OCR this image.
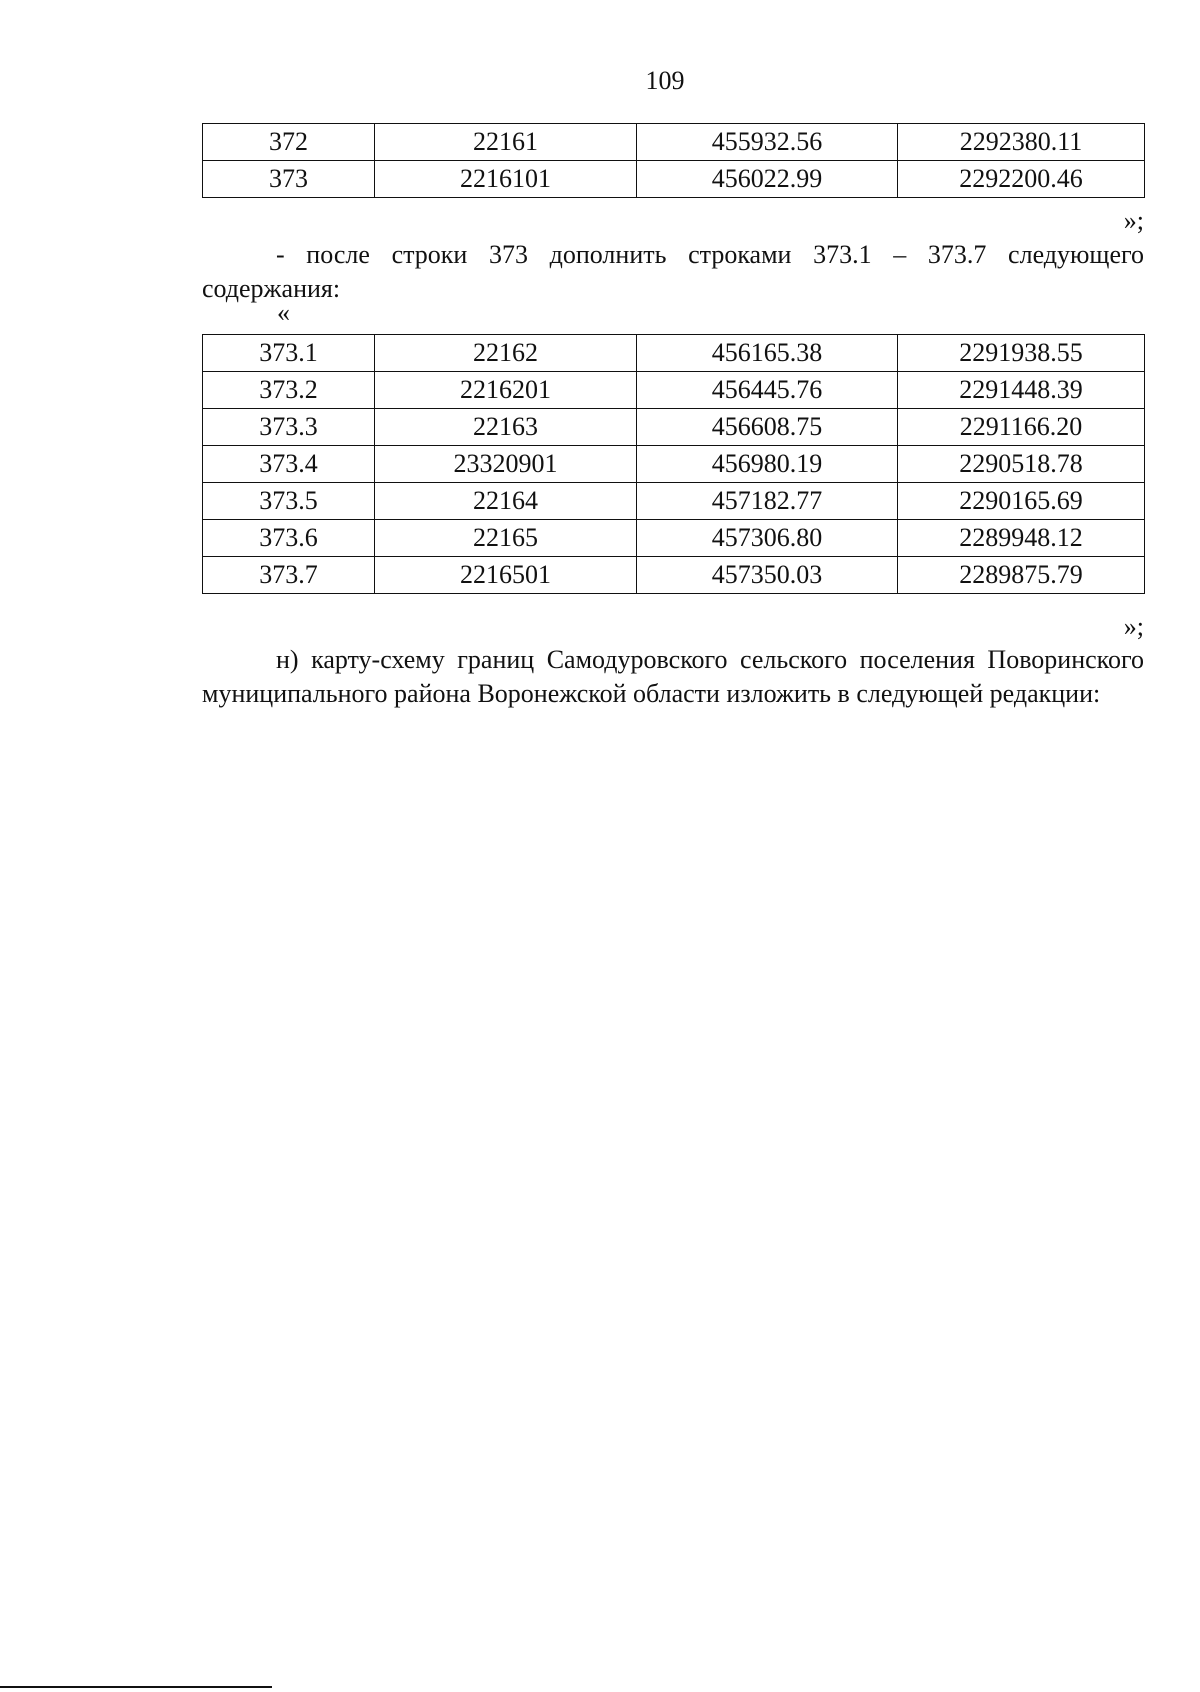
109
372	22161	455932.56	2292380.11
373	2216101	456022.99	2292200.46
»;

- после строки 373 дополнить строками 373.1 – 373.7 следующего содержания:

«
373.1	22162	456165.38	2291938.55
373.2	2216201	456445.76	2291448.39
373.3	22163	456608.75	2291166.20
373.4	23320901	456980.19	2290518.78
373.5	22164	457182.77	2290165.69
373.6	22165	457306.80	2289948.12
373.7	2216501	457350.03	2289875.79
»;

н) карту-схему границ Самодуровского сельского поселения Поворинского муниципального района Воронежской области изложить в следующей редакции:
